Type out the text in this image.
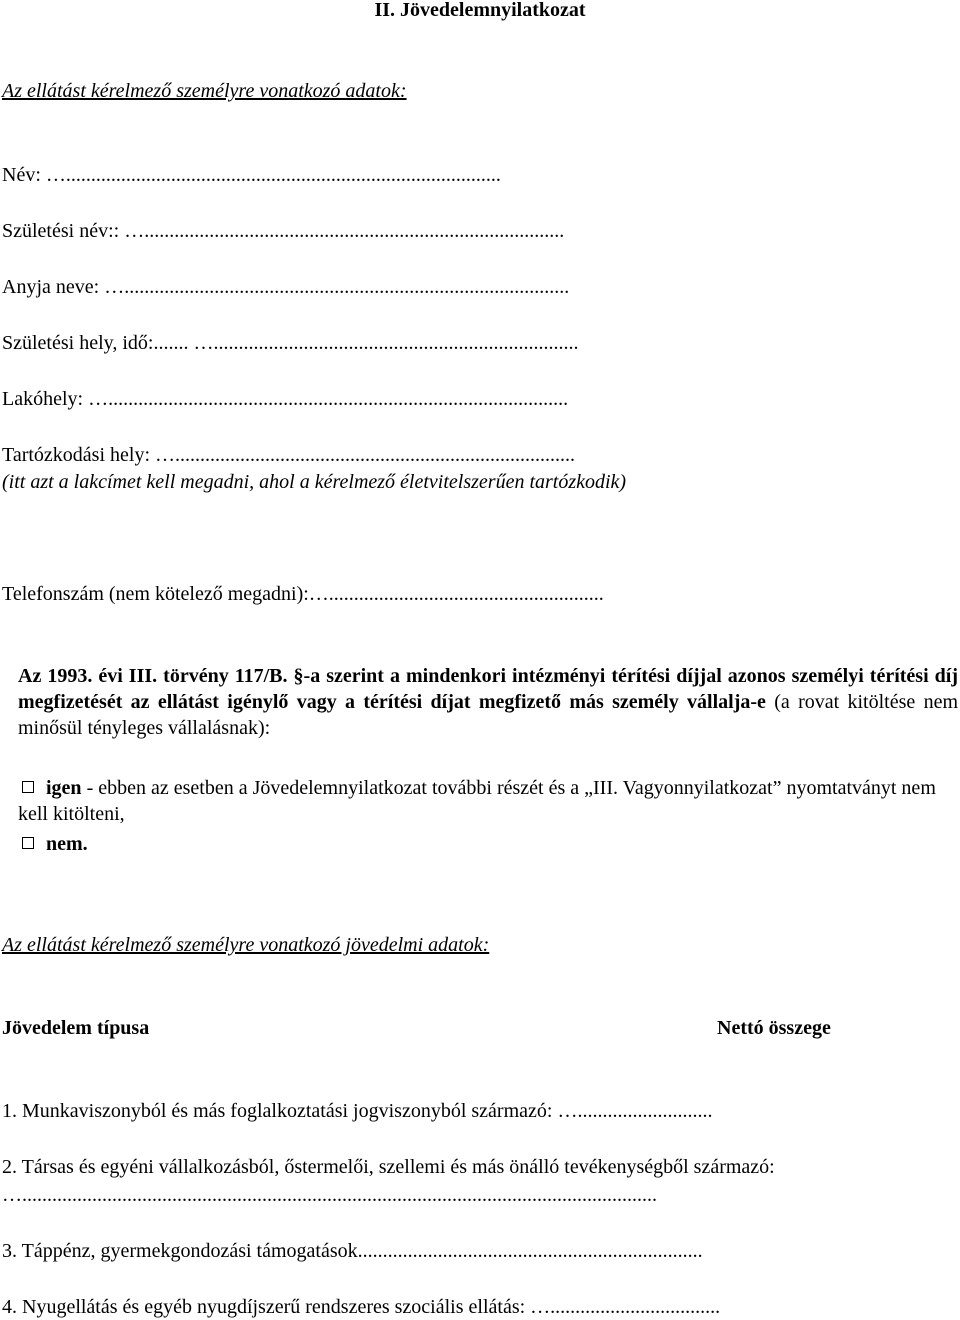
II. Jövedelemnyilatkozat
Az ellátást kérelmező személyre vonatkozó adatok:
Név: ….......................................................................................
Születési név:: …....................................................................................
Anyja neve: ….........................................................................................
Születési hely, idő:....... ….........................................................................
Lakóhely: …............................................................................................
Tartózkodási hely: …................................................................................
(itt azt a lakcímet kell megadni, ahol a kérelmező életvitelszerűen tartózkodik)
Telefonszám (nem kötelező megadni):….......................................................
Az 1993. évi III. törvény 117/B. §-a szerint a mindenkori intézményi térítési díjjal azonos személyi térítési díj megfizetését az ellátást igénylő vagy a térítési díjat megfizető más személy vállalja-e (a rovat kitöltése nem minősül tényleges vállalásnak):
igen - ebben az esetben a Jövedelemnyilatkozat további részét és a „III. Vagyonnyilatkozat” nyomtatványt nem kell kitölteni,
nem.
Az ellátást kérelmező személyre vonatkozó jövedelmi adatok:
Jövedelem típusa	Nettó összege
1. Munkaviszonyból és más foglalkoztatási jogviszonyból származó: …...........................
2. Társas és egyéni vállalkozásból, őstermelői, szellemi és más önálló tevékenységből származó:
…...............................................................................................................................
3. Táppénz, gyermekgondozási támogatások.....................................................................
4. Nyugellátás és egyéb nyugdíjszerű rendszeres szociális ellátás: …..................................
